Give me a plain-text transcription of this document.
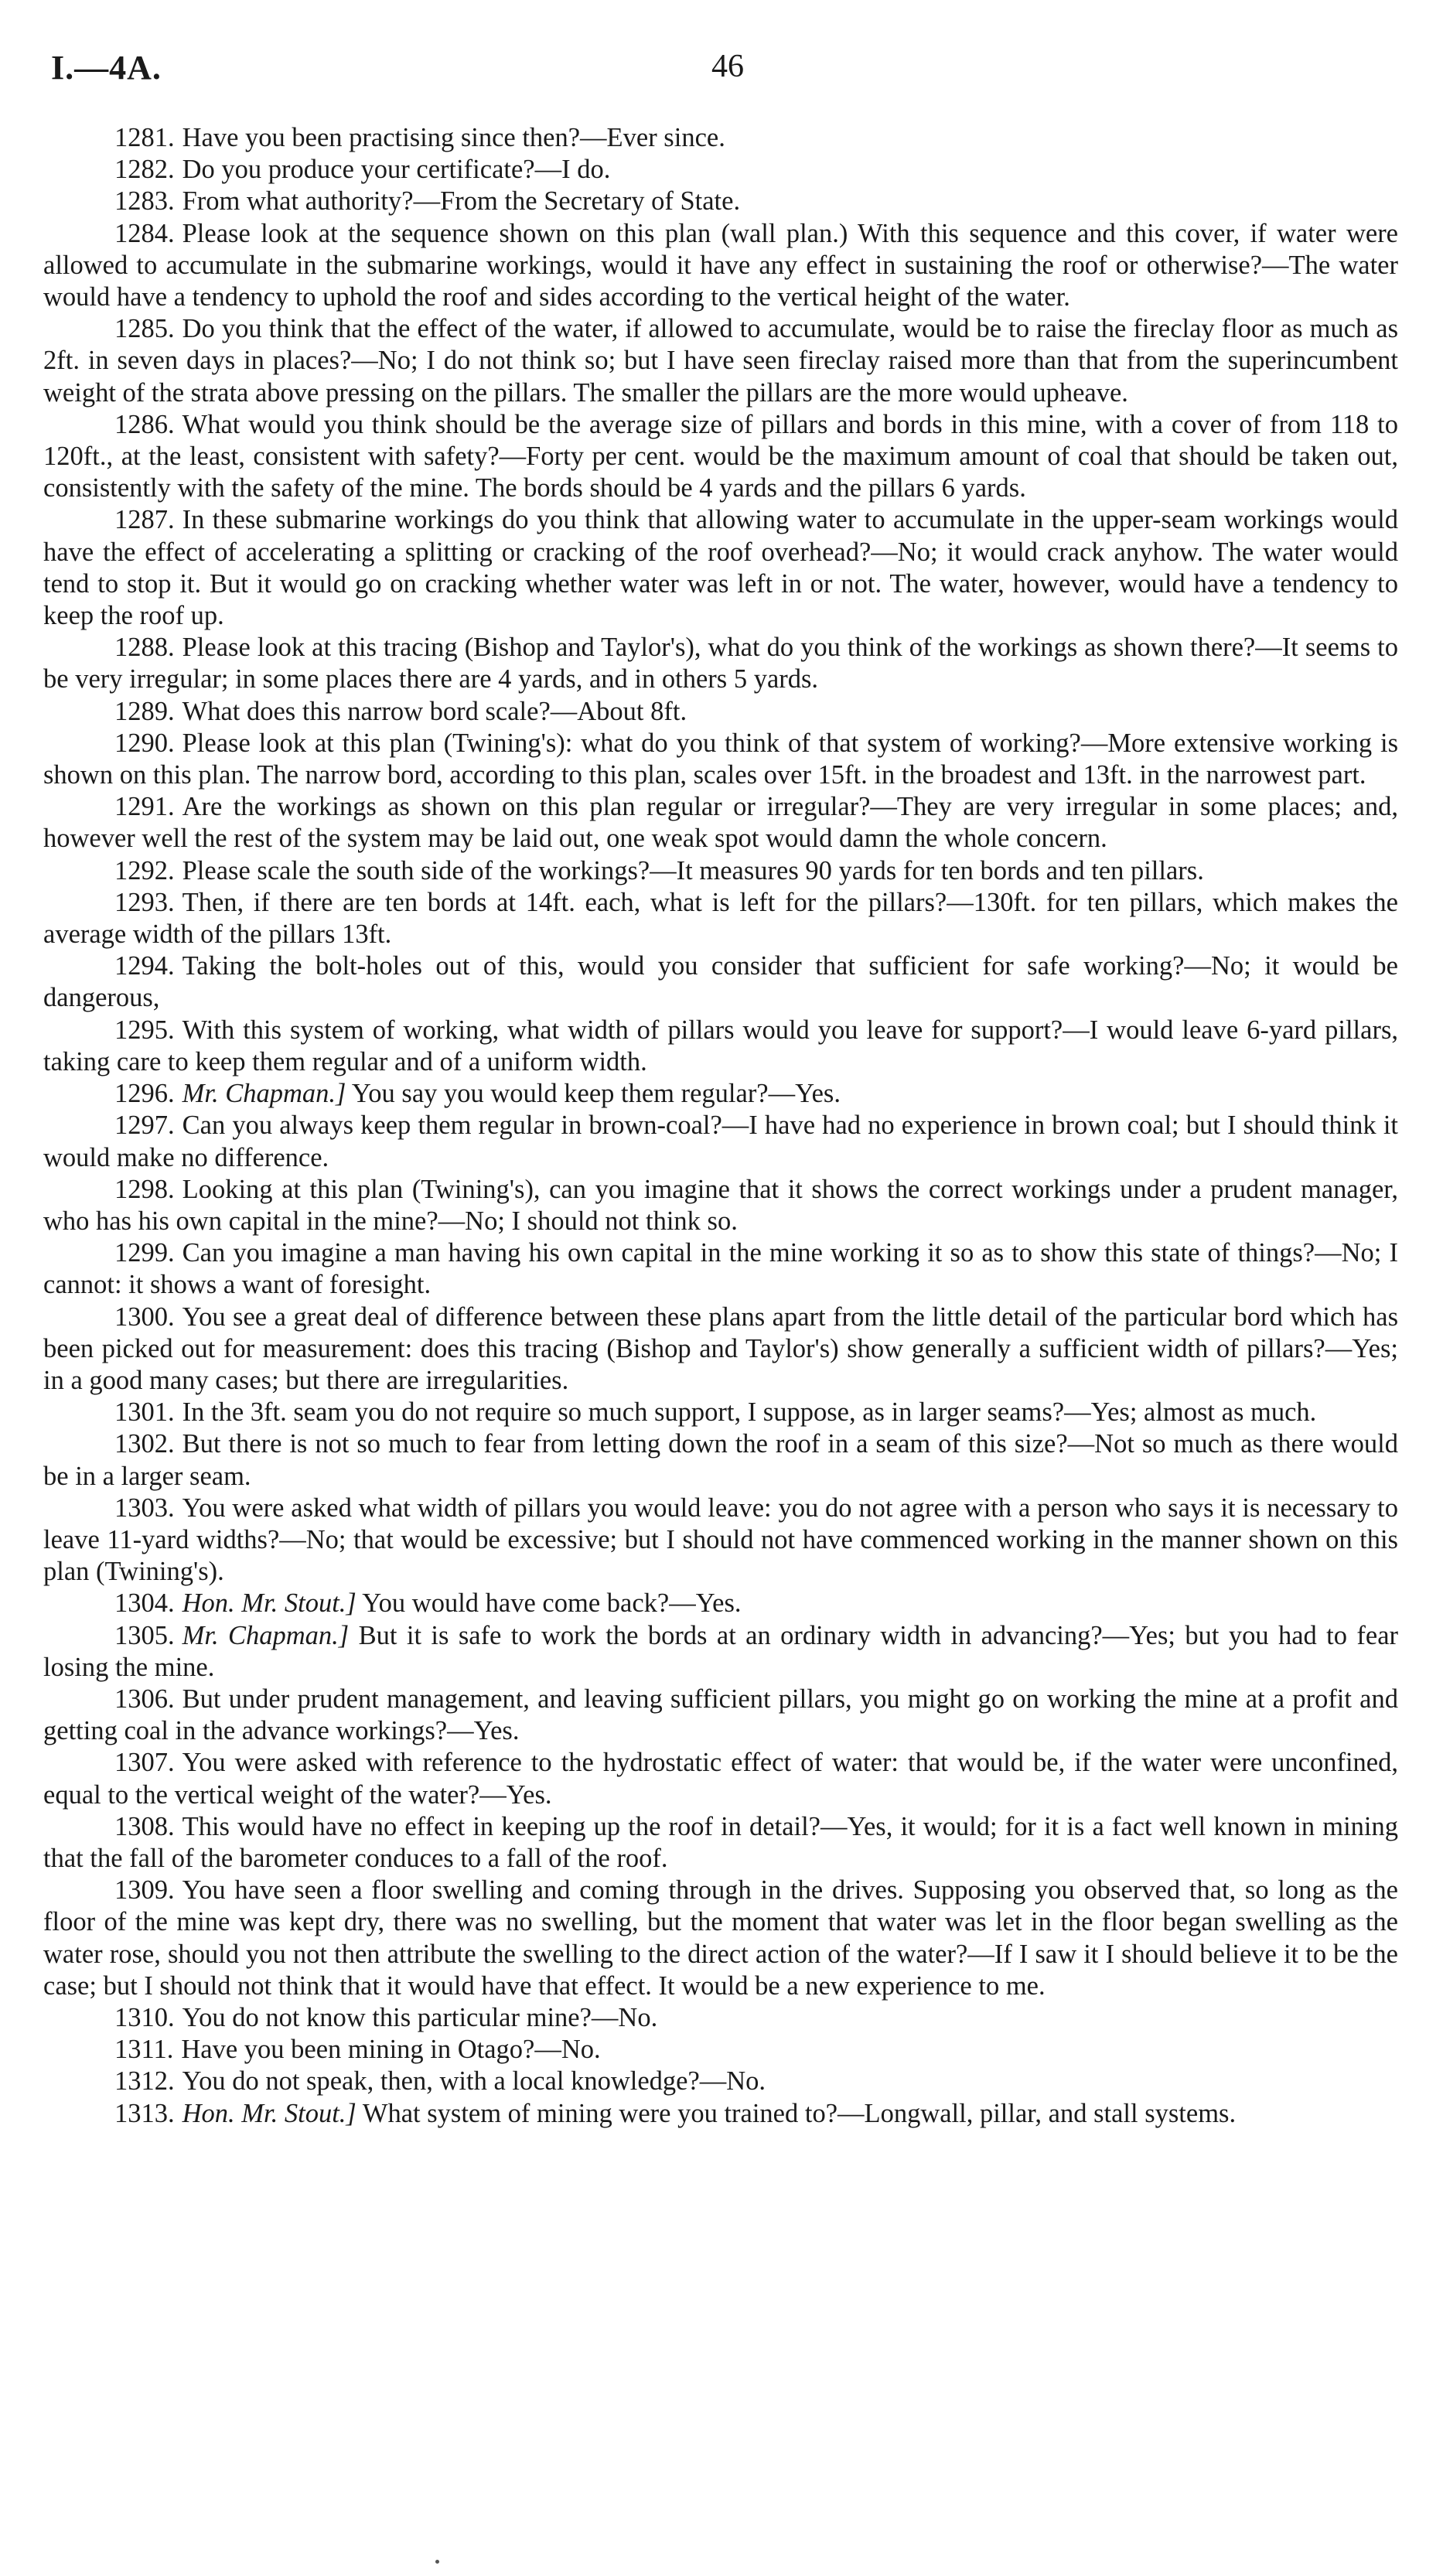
I.—4A.	46

1281. Have you been practising since then?—Ever since.

1282. Do you produce your certificate?—I do.

1283. From what authority?—From the Secretary of State.

1284. Please look at the sequence shown on this plan (wall plan.) With this sequence and this cover, if water were allowed to accumulate in the submarine workings, would it have any effect in sustaining the roof or otherwise?—The water would have a tendency to uphold the roof and sides according to the vertical height of the water.

1285. Do you think that the effect of the water, if allowed to accumulate, would be to raise the fireclay floor as much as 2ft. in seven days in places?—No; I do not think so; but I have seen fireclay raised more than that from the superincumbent weight of the strata above pressing on the pillars. The smaller the pillars are the more would upheave.

1286. What would you think should be the average size of pillars and bords in this mine, with a cover of from 118 to 120ft., at the least, consistent with safety?—Forty per cent. would be the maximum amount of coal that should be taken out, consistently with the safety of the mine. The bords should be 4 yards and the pillars 6 yards.

1287. In these submarine workings do you think that allowing water to accumulate in the upper-seam workings would have the effect of accelerating a splitting or cracking of the roof overhead?—No; it would crack anyhow. The water would tend to stop it. But it would go on cracking whether water was left in or not. The water, however, would have a tendency to keep the roof up.

1288. Please look at this tracing (Bishop and Taylor's), what do you think of the workings as shown there?—It seems to be very irregular; in some places there are 4 yards, and in others 5 yards.

1289. What does this narrow bord scale?—About 8ft.

1290. Please look at this plan (Twining's): what do you think of that system of working?—More extensive working is shown on this plan. The narrow bord, according to this plan, scales over 15ft. in the broadest and 13ft. in the narrowest part.

1291. Are the workings as shown on this plan regular or irregular?—They are very irregular in some places; and, however well the rest of the system may be laid out, one weak spot would damn the whole concern.

1292. Please scale the south side of the workings?—It measures 90 yards for ten bords and ten pillars.

1293. Then, if there are ten bords at 14ft. each, what is left for the pillars?—130ft. for ten pillars, which makes the average width of the pillars 13ft.

1294. Taking the bolt-holes out of this, would you consider that sufficient for safe working?—No; it would be dangerous,

1295. With this system of working, what width of pillars would you leave for support?—I would leave 6-yard pillars, taking care to keep them regular and of a uniform width.

1296. Mr. Chapman.] You say you would keep them regular?—Yes.

1297. Can you always keep them regular in brown-coal?—I have had no experience in brown coal; but I should think it would make no difference.

1298. Looking at this plan (Twining's), can you imagine that it shows the correct workings under a prudent manager, who has his own capital in the mine?—No; I should not think so.

1299. Can you imagine a man having his own capital in the mine working it so as to show this state of things?—No; I cannot: it shows a want of foresight.

1300. You see a great deal of difference between these plans apart from the little detail of the particular bord which has been picked out for measurement: does this tracing (Bishop and Taylor's) show generally a sufficient width of pillars?—Yes; in a good many cases; but there are irregularities.

1301. In the 3ft. seam you do not require so much support, I suppose, as in larger seams?—Yes; almost as much.

1302. But there is not so much to fear from letting down the roof in a seam of this size?—Not so much as there would be in a larger seam.

1303. You were asked what width of pillars you would leave: you do not agree with a person who says it is necessary to leave 11-yard widths?—No; that would be excessive; but I should not have commenced working in the manner shown on this plan (Twining's).

1304. Hon. Mr. Stout.] You would have come back?—Yes.

1305. Mr. Chapman.] But it is safe to work the bords at an ordinary width in advancing?—Yes; but you had to fear losing the mine.

1306. But under prudent management, and leaving sufficient pillars, you might go on working the mine at a profit and getting coal in the advance workings?—Yes.

1307. You were asked with reference to the hydrostatic effect of water: that would be, if the water were unconfined, equal to the vertical weight of the water?—Yes.

1308. This would have no effect in keeping up the roof in detail?—Yes, it would; for it is a fact well known in mining that the fall of the barometer conduces to a fall of the roof.

1309. You have seen a floor swelling and coming through in the drives. Supposing you observed that, so long as the floor of the mine was kept dry, there was no swelling, but the moment that water was let in the floor began swelling as the water rose, should you not then attribute the swelling to the direct action of the water?—If I saw it I should believe it to be the case; but I should not think that it would have that effect. It would be a new experience to me.

1310. You do not know this particular mine?—No.

1311. Have you been mining in Otago?—No.

1312. You do not speak, then, with a local knowledge?—No.

1313. Hon. Mr. Stout.] What system of mining were you trained to?—Longwall, pillar, and stall systems.
